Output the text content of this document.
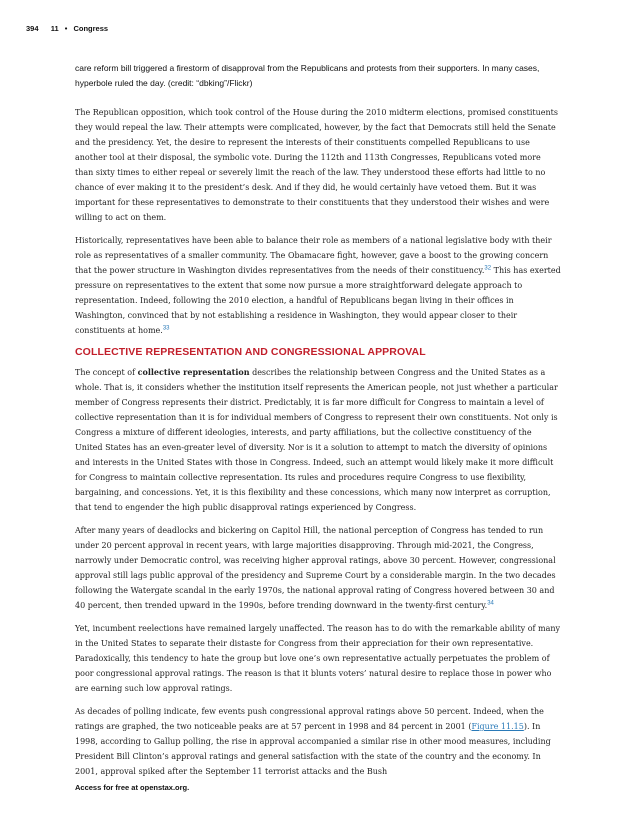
394 11 • Congress
care reform bill triggered a firestorm of disapproval from the Republicans and protests from their supporters. In many cases, hyperbole ruled the day. (credit: “dbking”/Flickr)

The Republican opposition, which took control of the House during the 2010 midterm elections, promised constituents they would repeal the law. Their attempts were complicated, however, by the fact that Democrats still held the Senate and the presidency. Yet, the desire to represent the interests of their constituents compelled Republicans to use another tool at their disposal, the symbolic vote. During the 112th and 113th Congresses, Republicans voted more than sixty times to either repeal or severely limit the reach of the law. They understood these efforts had little to no chance of ever making it to the president’s desk. And if they did, he would certainly have vetoed them. But it was important for these representatives to demonstrate to their constituents that they understood their wishes and were willing to act on them.

Historically, representatives have been able to balance their role as members of a national legislative body with their role as representatives of a smaller community. The Obamacare fight, however, gave a boost to the growing concern that the power structure in Washington divides representatives from the needs of their constituency.$^{32}$ This has exerted pressure on representatives to the extent that some now pursue a more straightforward delegate approach to representation. Indeed, following the 2010 election, a handful of Republicans began living in their offices in Washington, convinced that by not establishing a residence in Washington, they would appear closer to their constituents at home.$^{33}$

COLLECTIVE REPRESENTATION AND CONGRESSIONAL APPROVAL

The concept of collective representation describes the relationship between Congress and the United States as a whole. That is, it considers whether the institution itself represents the American people, not just whether a particular member of Congress represents their district. Predictably, it is far more difficult for Congress to maintain a level of collective representation than it is for individual members of Congress to represent their own constituents. Not only is Congress a mixture of different ideologies, interests, and party affiliations, but the collective constituency of the United States has an even-greater level of diversity. Nor is it a solution to attempt to match the diversity of opinions and interests in the United States with those in Congress. Indeed, such an attempt would likely make it more difficult for Congress to maintain collective representation. Its rules and procedures require Congress to use flexibility, bargaining, and concessions. Yet, it is this flexibility and these concessions, which many now interpret as corruption, that tend to engender the high public disapproval ratings experienced by Congress.

After many years of deadlocks and bickering on Capitol Hill, the national perception of Congress has tended to run under 20 percent approval in recent years, with large majorities disapproving. Through mid-2021, the Congress, narrowly under Democratic control, was receiving higher approval ratings, above 30 percent. However, congressional approval still lags public approval of the presidency and Supreme Court by a considerable margin. In the two decades following the Watergate scandal in the early 1970s, the national approval rating of Congress hovered between 30 and 40 percent, then trended upward in the 1990s, before trending downward in the twenty-first century.$^{34}$

Yet, incumbent reelections have remained largely unaffected. The reason has to do with the remarkable ability of many in the United States to separate their distaste for Congress from their appreciation for their own representative. Paradoxically, this tendency to hate the group but love one’s own representative actually perpetuates the problem of poor congressional approval ratings. The reason is that it blunts voters’ natural desire to replace those in power who are earning such low approval ratings.

As decades of polling indicate, few events push congressional approval ratings above 50 percent. Indeed, when the ratings are graphed, the two noticeable peaks are at 57 percent in 1998 and 84 percent in 2001 (Figure 11.15). In 1998, according to Gallup polling, the rise in approval accompanied a similar rise in other mood measures, including President Bill Clinton’s approval ratings and general satisfaction with the state of the country and the economy. In 2001, approval spiked after the September 11 terrorist attacks and the Bush

Access for free at openstax.org.
